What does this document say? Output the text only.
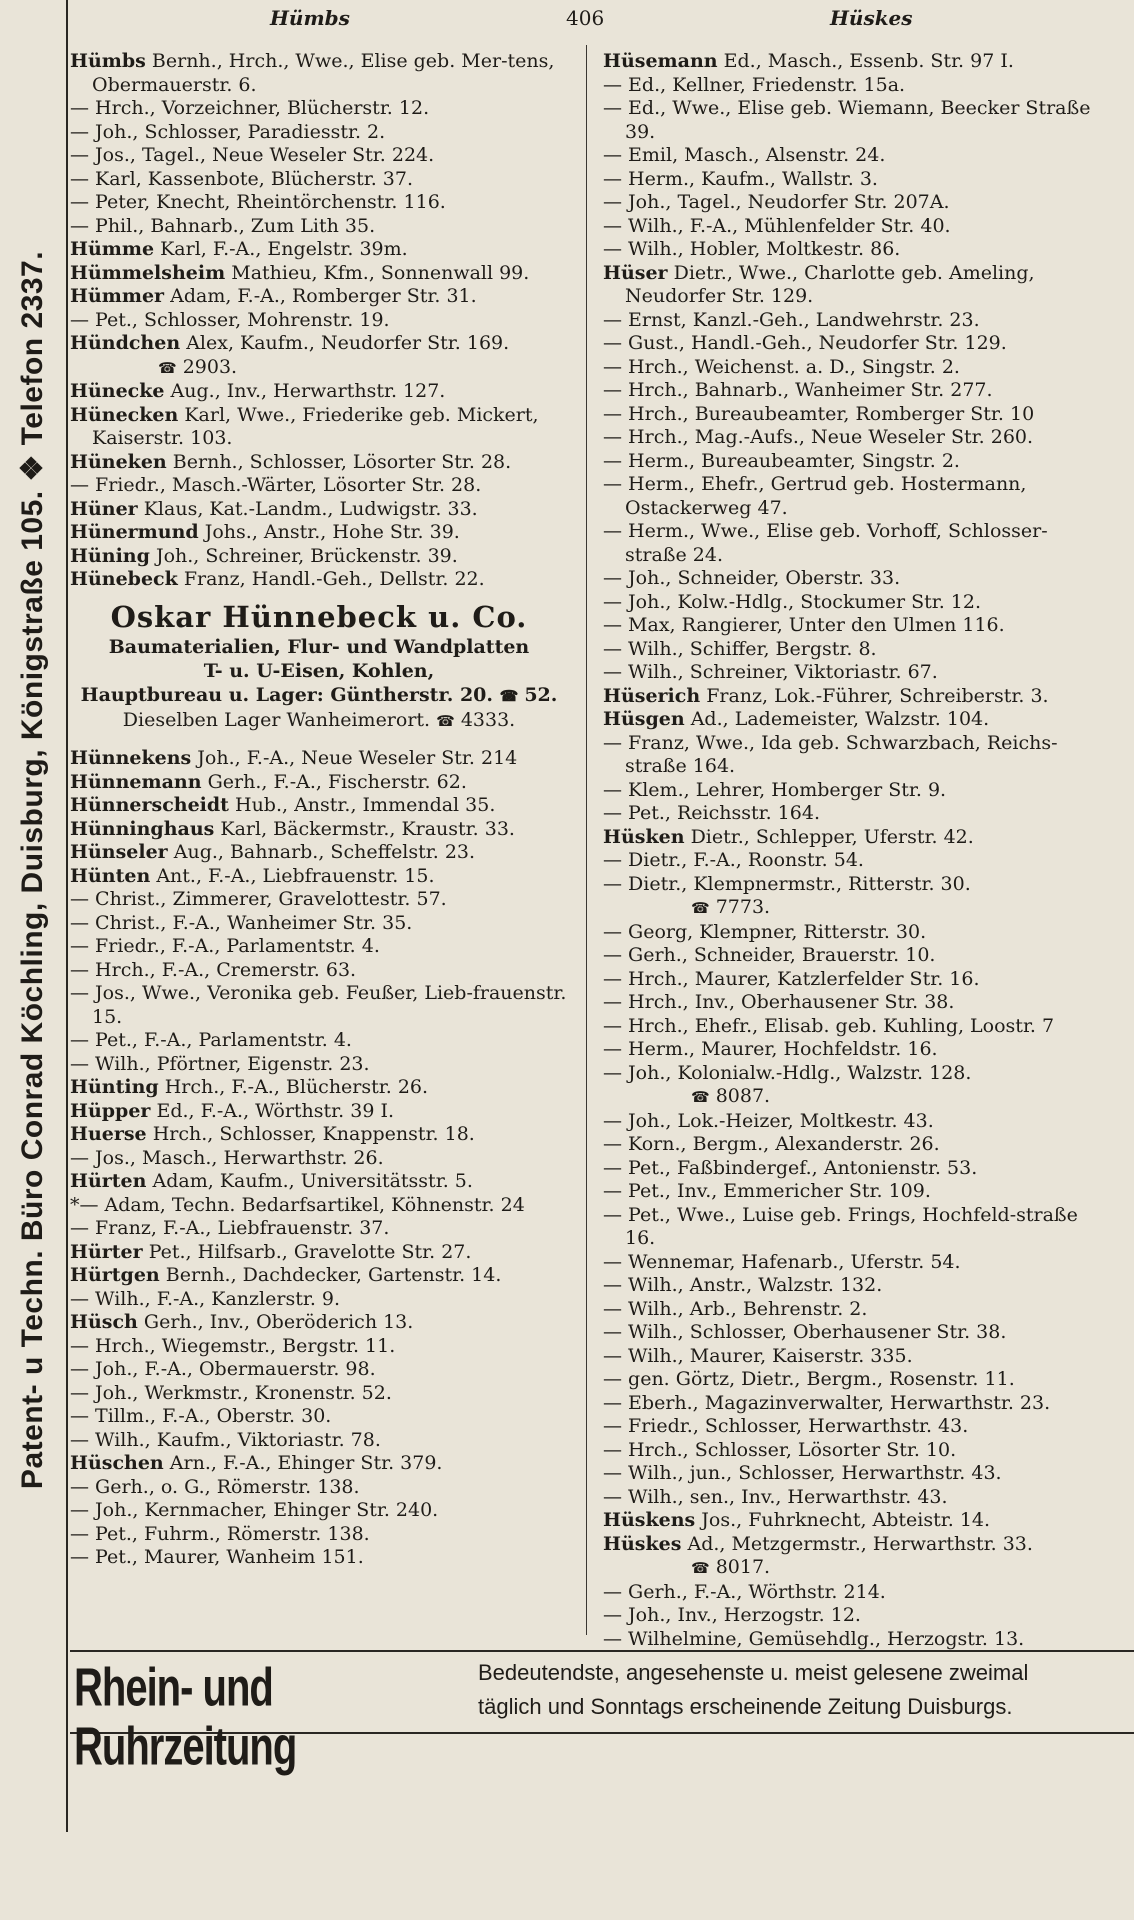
Patent- u Techn. Büro Conrad Köchling, Duisburg, Königstraße 105. ❖ Telefon 2337.
Hümbs	406	Hüskes
Hümbs Bernh., Hrch., Wwe., Elise geb. Mer-tens, Obermauerstr. 6.
— Hrch., Vorzeichner, Blücherstr. 12.
— Joh., Schlosser, Paradiesstr. 2.
— Jos., Tagel., Neue Weseler Str. 224.
— Karl, Kassenbote, Blücherstr. 37.
— Peter, Knecht, Rheintörchenstr. 116.
— Phil., Bahnarb., Zum Lith 35.
Hümme Karl, F.-A., Engelstr. 39m.
Hümmelsheim Mathieu, Kfm., Sonnenwall 99.
Hümmer Adam, F.-A., Romberger Str. 31.
— Pet., Schlosser, Mohrenstr. 19.
Hündchen Alex, Kaufm., Neudorfer Str. 169.
☎ 2903.
Hünecke Aug., Inv., Herwarthstr. 127.
Hünecken Karl, Wwe., Friederike geb. Mickert, Kaiserstr. 103.
Hüneken Bernh., Schlosser, Lösorter Str. 28.
— Friedr., Masch.-Wärter, Lösorter Str. 28.
Hüner Klaus, Kat.-Landm., Ludwigstr. 33.
Hünermund Johs., Anstr., Hohe Str. 39.
Hüning Joh., Schreiner, Brückenstr. 39.
Hünebeck Franz, Handl.-Geh., Dellstr. 22.
Oskar Hünnebeck u. Co.
Baumaterialien, Flur- und Wandplatten
T- u. U-Eisen, Kohlen,
Hauptbureau u. Lager: Güntherstr. 20. ☎ 52.
Dieselben Lager Wanheimerort. ☎ 4333.
Hünnekens Joh., F.-A., Neue Weseler Str. 214
Hünnemann Gerh., F.-A., Fischerstr. 62.
Hünnerscheidt Hub., Anstr., Immendal 35.
Hünninghaus Karl, Bäckermstr., Kraustr. 33.
Hünseler Aug., Bahnarb., Scheffelstr. 23.
Hünten Ant., F.-A., Liebfrauenstr. 15.
— Christ., Zimmerer, Gravelottestr. 57.
— Christ., F.-A., Wanheimer Str. 35.
— Friedr., F.-A., Parlamentstr. 4.
— Hrch., F.-A., Cremerstr. 63.
— Jos., Wwe., Veronika geb. Feußer, Lieb-frauenstr. 15.
— Pet., F.-A., Parlamentstr. 4.
— Wilh., Pförtner, Eigenstr. 23.
Hünting Hrch., F.-A., Blücherstr. 26.
Hüpper Ed., F.-A., Wörthstr. 39 I.
Huerse Hrch., Schlosser, Knappenstr. 18.
— Jos., Masch., Herwarthstr. 26.
Hürten Adam, Kaufm., Universitätsstr. 5.
*— Adam, Techn. Bedarfsartikel, Köhnenstr. 24
— Franz, F.-A., Liebfrauenstr. 37.
Hürter Pet., Hilfsarb., Gravelotte Str. 27.
Hürtgen Bernh., Dachdecker, Gartenstr. 14.
— Wilh., F.-A., Kanzlerstr. 9.
Hüsch Gerh., Inv., Oberöderich 13.
— Hrch., Wiegemstr., Bergstr. 11.
— Joh., F.-A., Obermauerstr. 98.
— Joh., Werkmstr., Kronenstr. 52.
— Tillm., F.-A., Oberstr. 30.
— Wilh., Kaufm., Viktoriastr. 78.
Hüschen Arn., F.-A., Ehinger Str. 379.
— Gerh., o. G., Römerstr. 138.
— Joh., Kernmacher, Ehinger Str. 240.
— Pet., Fuhrm., Römerstr. 138.
— Pet., Maurer, Wanheim 151.
Hüsemann Ed., Masch., Essenb. Str. 97 I.
— Ed., Kellner, Friedenstr. 15a.
— Ed., Wwe., Elise geb. Wiemann, Beecker Straße 39.
— Emil, Masch., Alsenstr. 24.
— Herm., Kaufm., Wallstr. 3.
— Joh., Tagel., Neudorfer Str. 207A.
— Wilh., F.-A., Mühlenfelder Str. 40.
— Wilh., Hobler, Moltkestr. 86.
Hüser Dietr., Wwe., Charlotte geb. Ameling, Neudorfer Str. 129.
— Ernst, Kanzl.-Geh., Landwehrstr. 23.
— Gust., Handl.-Geh., Neudorfer Str. 129.
— Hrch., Weichenst. a. D., Singstr. 2.
— Hrch., Bahnarb., Wanheimer Str. 277.
— Hrch., Bureaubeamter, Romberger Str. 10
— Hrch., Mag.-Aufs., Neue Weseler Str. 260.
— Herm., Bureaubeamter, Singstr. 2.
— Herm., Ehefr., Gertrud geb. Hostermann, Ostackerweg 47.
— Herm., Wwe., Elise geb. Vorhoff, Schlosser-straße 24.
— Joh., Schneider, Oberstr. 33.
— Joh., Kolw.-Hdlg., Stockumer Str. 12.
— Max, Rangierer, Unter den Ulmen 116.
— Wilh., Schiffer, Bergstr. 8.
— Wilh., Schreiner, Viktoriastr. 67.
Hüserich Franz, Lok.-Führer, Schreiberstr. 3.
Hüsgen Ad., Lademeister, Walzstr. 104.
— Franz, Wwe., Ida geb. Schwarzbach, Reichs-straße 164.
— Klem., Lehrer, Homberger Str. 9.
— Pet., Reichsstr. 164.
Hüsken Dietr., Schlepper, Uferstr. 42.
— Dietr., F.-A., Roonstr. 54.
— Dietr., Klempnermstr., Ritterstr. 30.
☎ 7773.
— Georg, Klempner, Ritterstr. 30.
— Gerh., Schneider, Brauerstr. 10.
— Hrch., Maurer, Katzlerfelder Str. 16.
— Hrch., Inv., Oberhausener Str. 38.
— Hrch., Ehefr., Elisab. geb. Kuhling, Loostr. 7
— Herm., Maurer, Hochfeldstr. 16.
— Joh., Kolonialw.-Hdlg., Walzstr. 128.
☎ 8087.
— Joh., Lok.-Heizer, Moltkestr. 43.
— Korn., Bergm., Alexanderstr. 26.
— Pet., Faßbindergef., Antonienstr. 53.
— Pet., Inv., Emmericher Str. 109.
— Pet., Wwe., Luise geb. Frings, Hochfeld-straße 16.
— Wennemar, Hafenarb., Uferstr. 54.
— Wilh., Anstr., Walzstr. 132.
— Wilh., Arb., Behrenstr. 2.
— Wilh., Schlosser, Oberhausener Str. 38.
— Wilh., Maurer, Kaiserstr. 335.
— gen. Görtz, Dietr., Bergm., Rosenstr. 11.
— Eberh., Magazinverwalter, Herwarthstr. 23.
— Friedr., Schlosser, Herwarthstr. 43.
— Hrch., Schlosser, Lösorter Str. 10.
— Wilh., jun., Schlosser, Herwarthstr. 43.
— Wilh., sen., Inv., Herwarthstr. 43.
Hüskens Jos., Fuhrknecht, Abteistr. 14.
Hüskes Ad., Metzgermstr., Herwarthstr. 33.
☎ 8017.
— Gerh., F.-A., Wörthstr. 214.
— Joh., Inv., Herzogstr. 12.
— Wilhelmine, Gemüsehdlg., Herzogstr. 13.
Rhein- und Ruhrzeitung
Bedeutendste, angesehenste u. meist gelesene zweimal
täglich und Sonntags erscheinende Zeitung Duisburgs.
